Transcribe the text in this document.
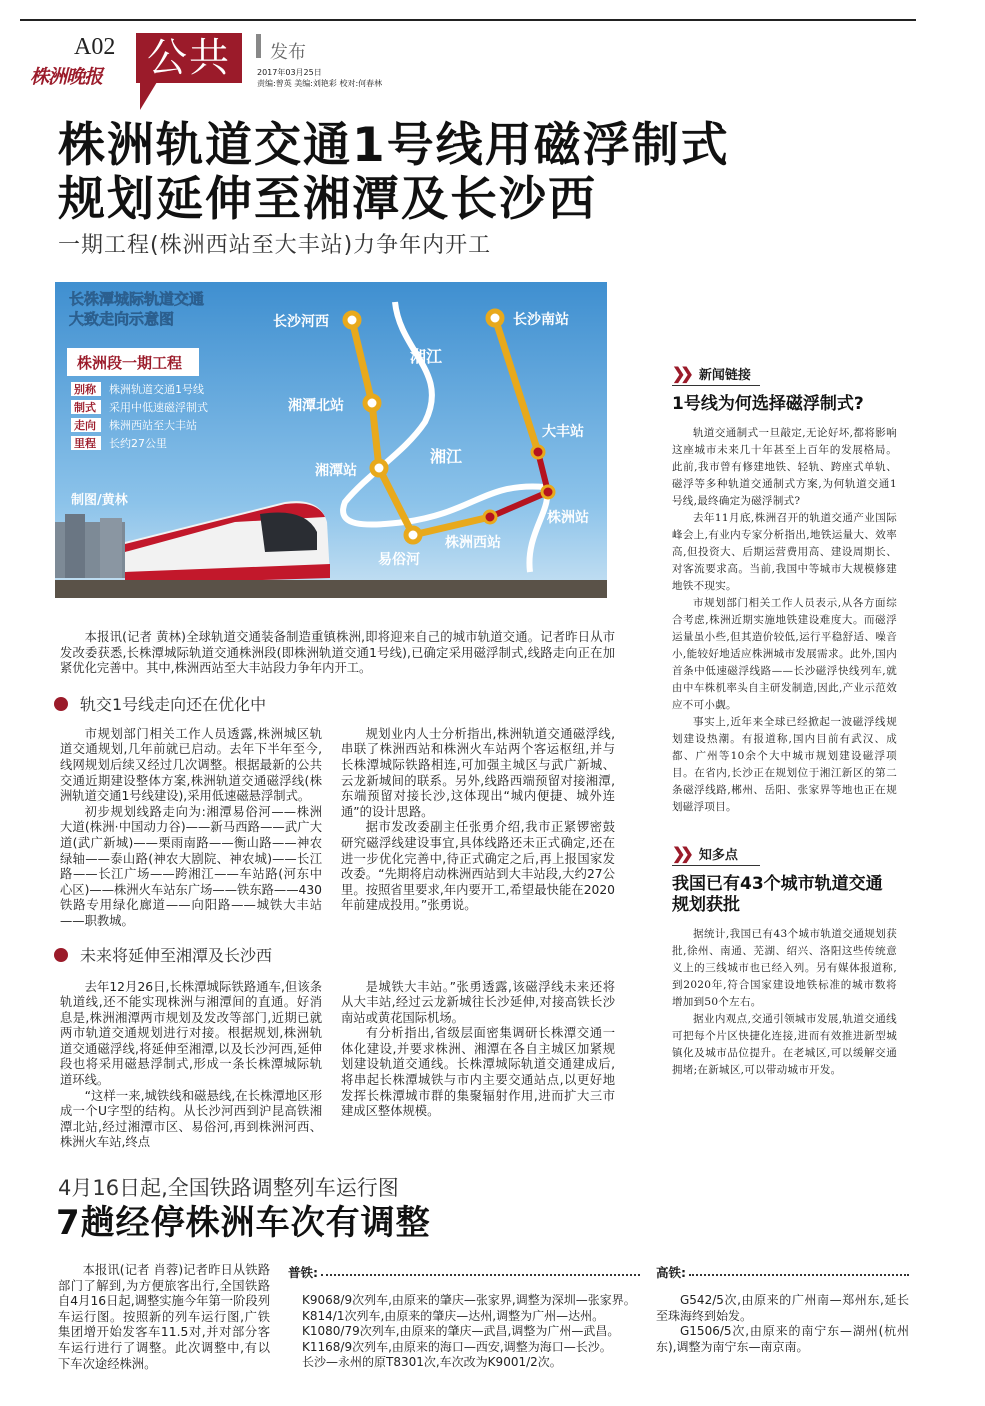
A02
株洲晚报 公共	发布
2017年03月25日
责编:曾英 美编:刘艳彩 校对:何春林
株洲轨道交通1号线用磁浮制式
规划延伸至湘潭及长沙西
一期工程(株洲西站至大丰站)力争年内开工
湘江
湘江
长沙河西
湘潭北站
湘潭站
易俗河
株洲西站
株洲站
大丰站
长沙南站
长株潭城际轨道交通
大致走向示意图
株洲段一期工程
别称 株洲轨道交通1号线
制式 采用中低速磁浮制式
走向 株洲西站至大丰站
里程 长约27公里
制图/黄林

本报讯(记者 黄林)全球轨道交通装备制造重镇株洲,即将迎来自己的城市轨道交通。记者昨日从市发改委获悉,长株潭城际轨道交通株洲段(即株洲轨道交通1号线),已确定采用磁浮制式,线路走向正在加紧优化完善中。其中,株洲西站至大丰站段力争年内开工。

轨交1号线走向还在优化中

市规划部门相关工作人员透露,株洲城区轨道交通规划,几年前就已启动。去年下半年至今,线网规划后续又经过几次调整。根据最新的公共交通近期建设整体方案,株洲轨道交通磁浮线(株洲轨道交通1号线建设),采用低速磁悬浮制式。

初步规划线路走向为:湘潭易俗河——株洲大道(株洲·中国动力谷)——新马西路——武广大道(武广新城)——栗雨南路——衡山路——神农绿轴——泰山路(神农大剧院、神农城)——长江路——长江广场——跨湘江——车站路(河东中心区)——株洲火车站东广场——铁东路——430铁路专用绿化廊道——向阳路——城铁大丰站——职教城。

规划业内人士分析指出,株洲轨道交通磁浮线,串联了株洲西站和株洲火车站两个客运枢纽,并与长株潭城际铁路相连,可加强主城区与武广新城、云龙新城间的联系。另外,线路西端预留对接湘潭,东端预留对接长沙,这体现出“城内便捷、城外连通”的设计思路。

据市发改委副主任张勇介绍,我市正紧锣密鼓研究磁浮线建设事宜,具体线路还未正式确定,还在进一步优化完善中,待正式确定之后,再上报国家发改委。“先期将启动株洲西站到大丰站段,大约27公里。按照省里要求,年内要开工,希望最快能在2020年前建成投用。”张勇说。

未来将延伸至湘潭及长沙西

去年12月26日,长株潭城际铁路通车,但该条轨道线,还不能实现株洲与湘潭间的直通。好消息是,株洲湘潭两市规划及发改等部门,近期已就两市轨道交通规划进行对接。根据规划,株洲轨道交通磁浮线,将延伸至湘潭,以及长沙河西,延伸段也将采用磁悬浮制式,形成一条长株潭城际轨道环线。

“这样一来,城铁线和磁悬线,在长株潭地区形成一个U字型的结构。从长沙河西到沪昆高铁湘潭北站,经过湘潭市区、易俗河,再到株洲河西、株洲火车站,终点

是城铁大丰站。”张勇透露,该磁浮线未来还将从大丰站,经过云龙新城往长沙延伸,对接高铁长沙南站或黄花国际机场。

有分析指出,省级层面密集调研长株潭交通一体化建设,并要求株洲、湘潭在各自主城区加紧规划建设轨道交通线。长株潭城际轨道交通建成后,将串起长株潭城铁与市内主要交通站点,以更好地发挥长株潭城市群的集聚辐射作用,进而扩大三市建成区整体规模。

❯❯ 新闻链接
1号线为何选择磁浮制式?

轨道交通制式一旦敲定,无论好坏,都将影响这座城市未来几十年甚至上百年的发展格局。此前,我市曾有修建地铁、轻轨、跨座式单轨、磁浮等多种轨道交通制式方案,为何轨道交通1号线,最终确定为磁浮制式?

去年11月底,株洲召开的轨道交通产业国际峰会上,有业内专家分析指出,地铁运量大、效率高,但投资大、后期运营费用高、建设周期长、对客流要求高。当前,我国中等城市大规模修建地铁不现实。

市规划部门相关工作人员表示,从各方面综合考虑,株洲近期实施地铁建设难度大。而磁浮运量虽小些,但其造价较低,运行平稳舒适、噪音小,能较好地适应株洲城市发展需求。此外,国内首条中低速磁浮线路——长沙磁浮快线列车,就由中车株机率头自主研发制造,因此,产业示范效应不可小觑。

事实上,近年来全球已经掀起一波磁浮线规划建设热潮。有报道称,国内目前有武汉、成都、广州等10余个大中城市规划建设磁浮项目。在省内,长沙正在规划位于湘江新区的第二条磁浮线路,郴州、岳阳、张家界等地也正在规划磁浮项目。

❯❯ 知多点
我国已有43个城市轨道交通规划获批

据统计,我国已有43个城市轨道交通规划获批,徐州、南通、芜湖、绍兴、洛阳这些传统意义上的三线城市也已经入列。另有媒体报道称,到2020年,符合国家建设地铁标准的城市数将增加到50个左右。

据业内观点,交通引领城市发展,轨道交通线可把每个片区快捷化连接,进而有效推进新型城镇化及城市品位提升。在老城区,可以缓解交通拥堵;在新城区,可以带动城市开发。

4月16日起,全国铁路调整列车运行图
7趟经停株洲车次有调整

本报讯(记者 肖蓉)记者昨日从铁路部门了解到,为方便旅客出行,全国铁路自4月16日起,调整实施今年第一阶段列车运行图。按照新的列车运行图,广铁集团增开始发客车11.5对,并对部分客车运行进行了调整。此次调整中,有以下车次途经株洲。

普铁:
K9068/9次列车,由原来的肇庆—张家界,调整为深圳—张家界。
K814/1次列车,由原来的肇庆—达州,调整为广州—达州。
K1080/79次列车,由原来的肇庆—武昌,调整为广州—武昌。
K1168/9次列车,由原来的海口—西安,调整为海口—长沙。
长沙—永州的原T8301次,车次改为K9001/2次。
高铁:

G542/5次,由原来的广州南—郑州东,延长至珠海终到始发。

G1506/5次,由原来的南宁东—湖州(杭州东),调整为南宁东—南京南。
